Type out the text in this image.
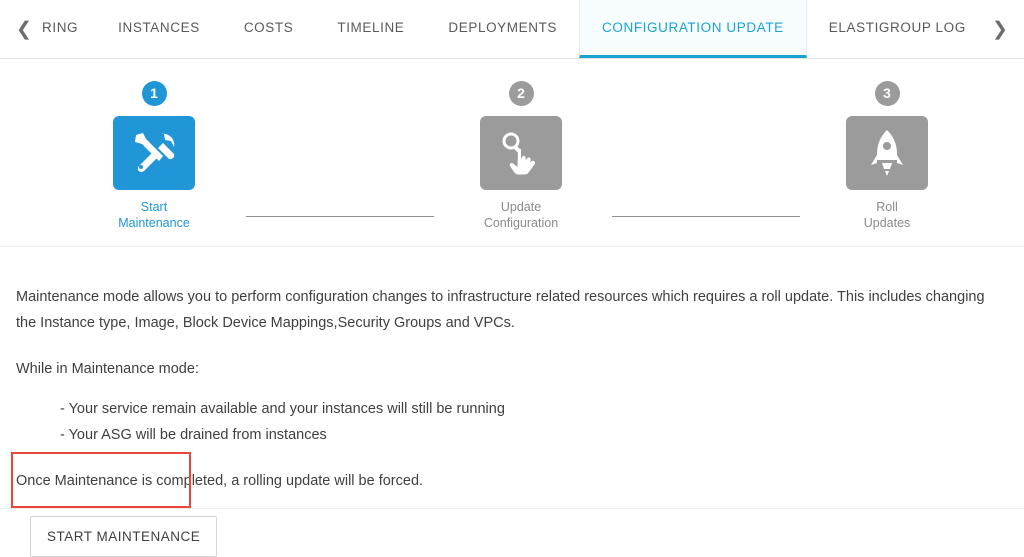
❮ RING	INSTANCES	COSTS	TIMELINE	DEPLOYMENTS	CONFIGURATION UPDATE	ELASTIGROUP LOG	❯
1
Start
Maintenance
2
Update
Configuration
3
Roll
Updates

Maintenance mode allows you to perform configuration changes to infrastructure related resources which requires a roll update. This includes changing the Instance type, Image, Block Device Mappings,Security Groups and VPCs.

While in Maintenance mode:

- Your service remain available and your instances will still be running
- Your ASG will be drained from instances

Once Maintenance is completed, a rolling update will be forced.

START MAINTENANCE
